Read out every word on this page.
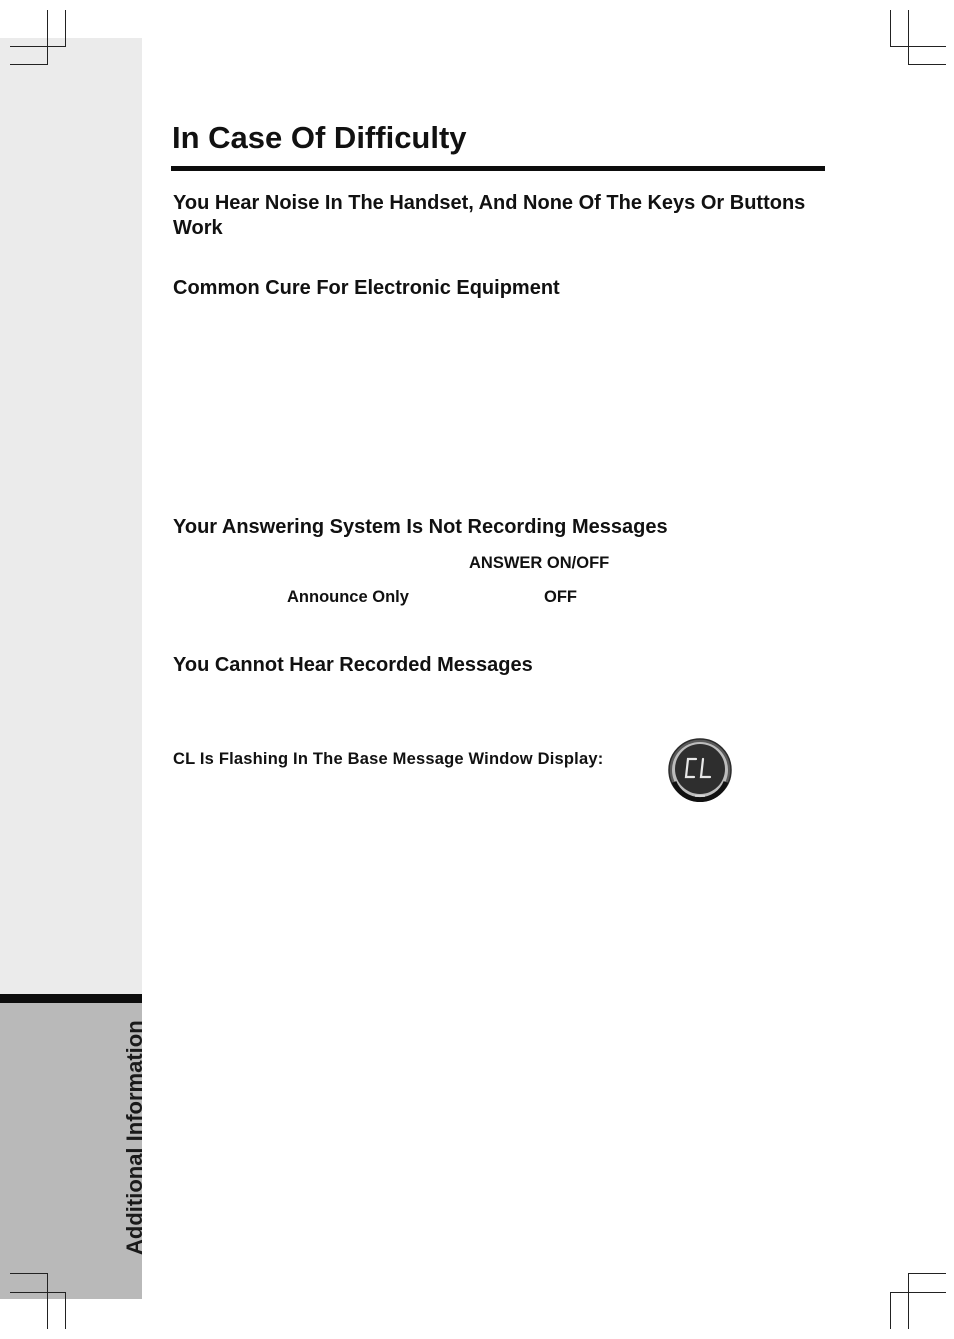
Additional Information
In Case Of Difficulty
You Hear Noise In The Handset, And None Of The Keys Or Buttons
Work
Common Cure For Electronic Equipment
Your Answering System Is Not Recording Messages
ANSWER ON/OFF
Announce Only	OFF
You Cannot Hear Recorded Messages
CL Is Flashing In The Base Message Window Display:
